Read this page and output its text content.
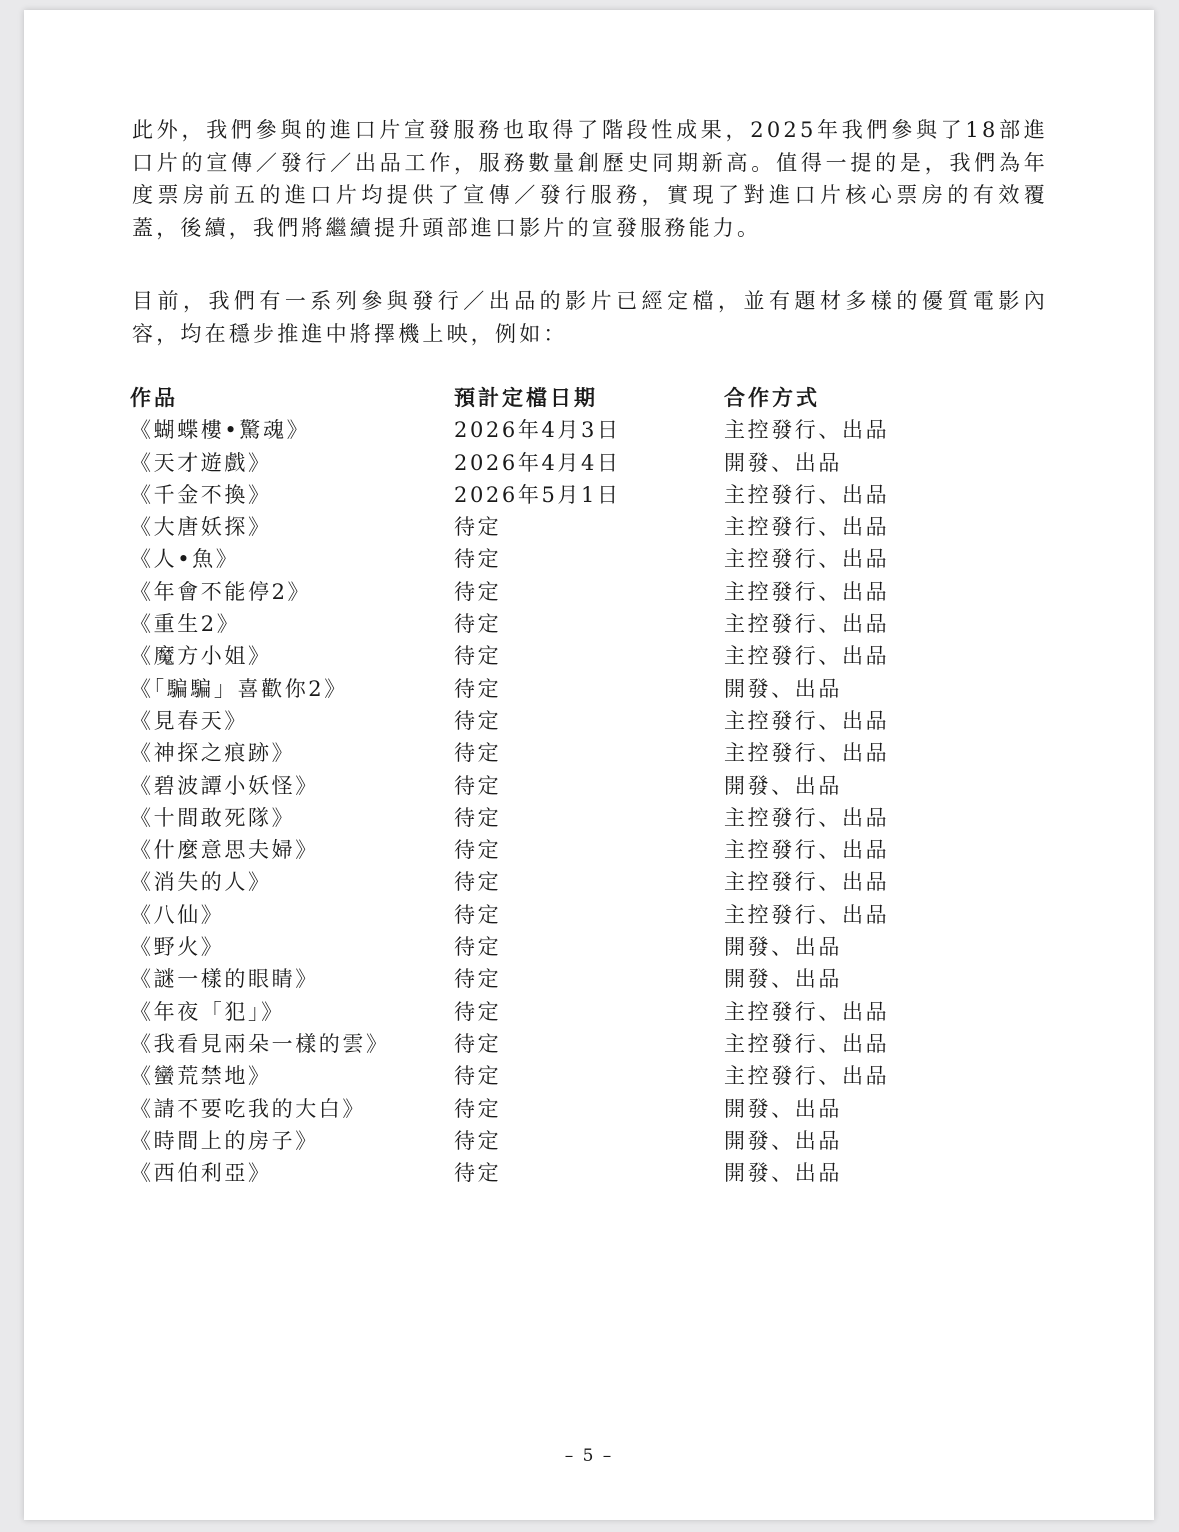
此外，我們參與的進口片宣發服務也取得了階段性成果，2025年我們參與了18部進口片的宣傳／發行／出品工作，服務數量創歷史同期新高。值得一提的是，我們為年度票房前五的進口片均提供了宣傳／發行服務，實現了對進口片核心票房的有效覆蓋，後續，我們將繼續提升頭部進口影片的宣發服務能力。

目前，我們有一系列參與發行／出品的影片已經定檔，並有題材多樣的優質電影內容，均在穩步推進中將擇機上映，例如：

作品	預計定檔日期	合作方式
《蝴蝶樓•驚魂》	2026年4月3日	主控發行、出品
《天才遊戲》	2026年4月4日	開發、出品
《千金不換》	2026年5月1日	主控發行、出品
《大唐妖探》	待定	主控發行、出品
《人•魚》	待定	主控發行、出品
《年會不能停2》	待定	主控發行、出品
《重生2》	待定	主控發行、出品
《魔方小姐》	待定	主控發行、出品
《「騙騙」喜歡你2》	待定	開發、出品
《見春天》	待定	主控發行、出品
《神探之痕跡》	待定	主控發行、出品
《碧波譚小妖怪》	待定	開發、出品
《十間敢死隊》	待定	主控發行、出品
《什麼意思夫婦》	待定	主控發行、出品
《消失的人》	待定	主控發行、出品
《八仙》	待定	主控發行、出品
《野火》	待定	開發、出品
《謎一樣的眼睛》	待定	開發、出品
《年夜「犯」》	待定	主控發行、出品
《我看見兩朵一樣的雲》	待定	主控發行、出品
《蠻荒禁地》	待定	主控發行、出品
《請不要吃我的大白》	待定	開發、出品
《時間上的房子》	待定	開發、出品
《西伯利亞》	待定	開發、出品
– 5 –
